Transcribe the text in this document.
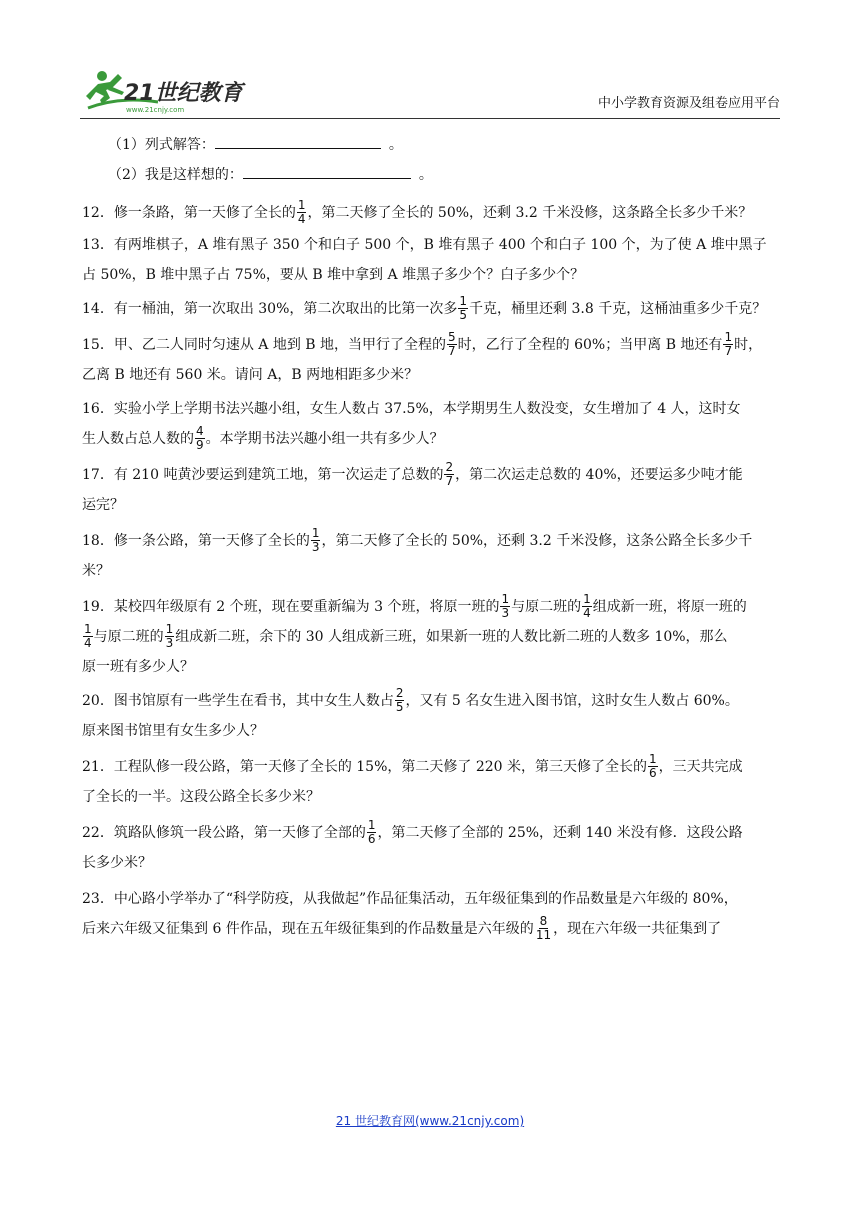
21世纪教育
www.21cnjy.com	中小学教育资源及组卷应用平台
（1）列式解答：	。
（2）我是这样想的：	。
12．修一条路，第一天修了全长的 $\frac{1}{4}$ ，第二天修了全长的 50%，还剩 3.2 千米没修，这条路全长多少千米？
13．有两堆棋子，A 堆有黑子 350 个和白子 500 个，B 堆有黑子 400 个和白子 100 个，为了使 A 堆中黑子
占 50%，B 堆中黑子占 75%，要从 B 堆中拿到 A 堆黑子多少个？白子多少个？
14．有一桶油，第一次取出 30%，第二次取出的比第一次多 $\frac{1}{5}$ 千克，桶里还剩 3.8 千克，这桶油重多少千克？
15．甲、乙二人同时匀速从 A 地到 B 地，当甲行了全程的 $\frac{5}{7}$ 时，乙行了全程的 60%；当甲离 B 地还有 $\frac{1}{7}$ 时，
乙离 B 地还有 560 米。请问 A，B 两地相距多少米？
16．实验小学上学期书法兴趣小组，女生人数占 37.5%，本学期男生人数没变，女生增加了 4 人，这时女
生人数占总人数的 $\frac{4}{9}$ 。本学期书法兴趣小组一共有多少人？
17．有 210 吨黄沙要运到建筑工地，第一次运走了总数的 $\frac{2}{7}$ ，第二次运走总数的 40%，还要运多少吨才能
运完？
18．修一条公路，第一天修了全长的 $\frac{1}{3}$ ，第二天修了全长的 50%，还剩 3.2 千米没修，这条公路全长多少千
米？
19．某校四年级原有 2 个班，现在要重新编为 3 个班，将原一班的 $\frac{1}{3}$ 与原二班的 $\frac{1}{4}$ 组成新一班，将原一班的
$\frac{1}{4}$ 与原二班的 $\frac{1}{3}$ 组成新二班，余下的 30 人组成新三班，如果新一班的人数比新二班的人数多 10%，那么
原一班有多少人？
20．图书馆原有一些学生在看书，其中女生人数占 $\frac{2}{5}$ ，又有 5 名女生进入图书馆，这时女生人数占 60%。
原来图书馆里有女生多少人？
21．工程队修一段公路，第一天修了全长的 15%，第二天修了 220 米，第三天修了全长的 $\frac{1}{6}$ ，三天共完成
了全长的一半。这段公路全长多少米？
22．筑路队修筑一段公路，第一天修了全部的 $\frac{1}{6}$ ，第二天修了全部的 25%，还剩 140 米没有修．这段公路
长多少米？
23．中心路小学举办了“科学防疫，从我做起”作品征集活动，五年级征集到的作品数量是六年级的 80%，
后来六年级又征集到 6 件作品，现在五年级征集到的作品数量是六年级的 $\frac{8}{11}$ ，现在六年级一共征集到了
21 世纪教育网(www.21cnjy.com)
